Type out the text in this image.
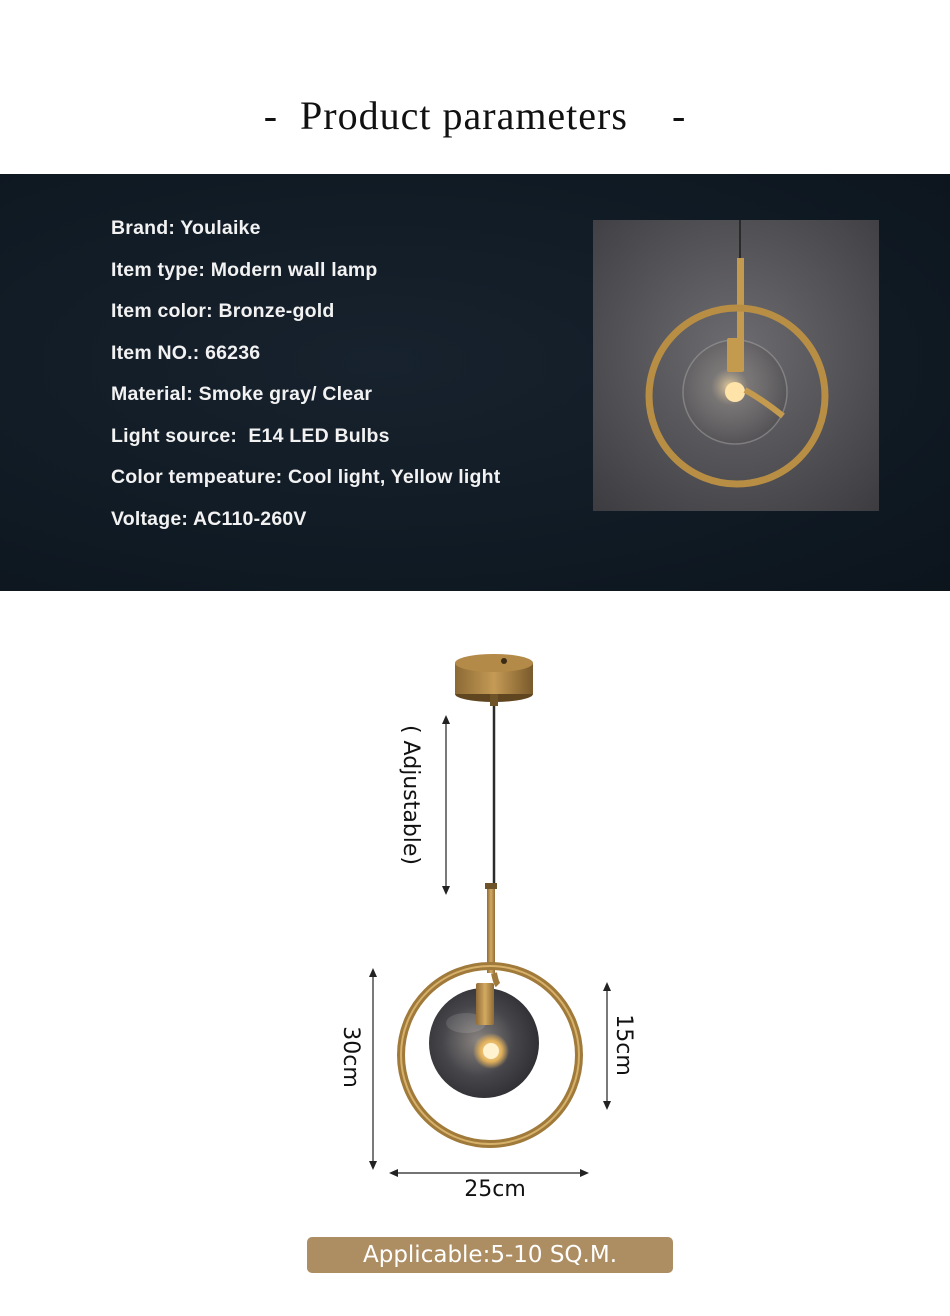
-  Product parameters    -
Brand: Youlaike
Item type: Modern wall lamp
Item color: Bronze-gold
Item NO.: 66236
Material: Smoke gray/ Clear
Light source:  E14 LED Bulbs
Color tempeature: Cool light, Yellow light
Voltage: AC110-260V
( Adjustable)
30cm	15cm
25cm
Applicable:5-10 SQ.M.
